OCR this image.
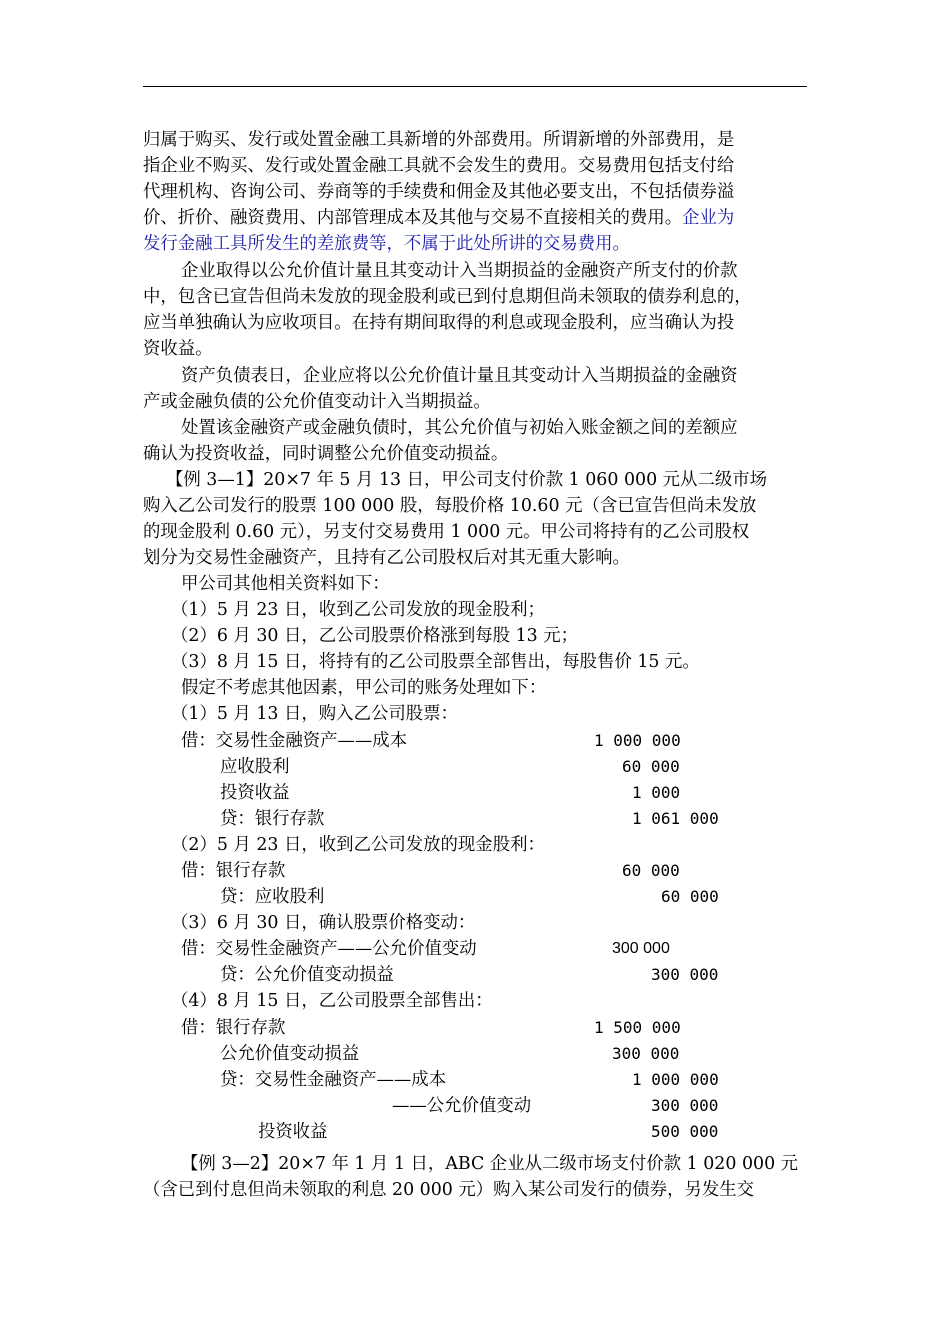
归属于购买、发行或处置金融工具新增的外部费用。所谓新增的外部费用，是
指企业不购买、发行或处置金融工具就不会发生的费用。交易费用包括支付给
代理机构、咨询公司、券商等的手续费和佣金及其他必要支出，不包括债券溢
价、折价、融资费用、内部管理成本及其他与交易不直接相关的费用。企业为
发行金融工具所发生的差旅费等，不属于此处所讲的交易费用。
企业取得以公允价值计量且其变动计入当期损益的金融资产所支付的价款
中，包含已宣告但尚未发放的现金股利或已到付息期但尚未领取的债券利息的，
应当单独确认为应收项目。在持有期间取得的利息或现金股利，应当确认为投
资收益。
资产负债表日，企业应将以公允价值计量且其变动计入当期损益的金融资
产或金融负债的公允价值变动计入当期损益。
处置该金融资产或金融负债时，其公允价值与初始入账金额之间的差额应
确认为投资收益，同时调整公允价值变动损益。
【例 3—1】20×7 年 5 月 13 日，甲公司支付价款 1 060 000 元从二级市场
购入乙公司发行的股票 100 000 股，每股价格 10.60 元（含已宣告但尚未发放
的现金股利 0.60 元），另支付交易费用 1 000 元。甲公司将持有的乙公司股权
划分为交易性金融资产，且持有乙公司股权后对其无重大影响。
甲公司其他相关资料如下：
（1）5 月 23 日，收到乙公司发放的现金股利；
（2）6 月 30 日，乙公司股票价格涨到每股 13 元；
（3）8 月 15 日，将持有的乙公司股票全部售出，每股售价 15 元。
假定不考虑其他因素，甲公司的账务处理如下：
（1）5 月 13 日，购入乙公司股票：
借：交易性金融资产——成本	1 000 000
应收股利	60 000
投资收益	1 000
贷：银行存款	1 061 000
（2）5 月 23 日，收到乙公司发放的现金股利：
借：银行存款	60 000
贷：应收股利	60 000
（3）6 月 30 日，确认股票价格变动：
借：交易性金融资产——公允价值变动	300 000
贷：公允价值变动损益	300 000
（4）8 月 15 日，乙公司股票全部售出：
借：银行存款	1 500 000
公允价值变动损益	300 000
贷：交易性金融资产——成本	1 000 000
——公允价值变动	300 000
投资收益	500 000
【例 3—2】20×7 年 1 月 1 日，ABC 企业从二级市场支付价款 1 020 000 元
（含已到付息但尚未领取的利息 20 000 元）购入某公司发行的债券，另发生交
